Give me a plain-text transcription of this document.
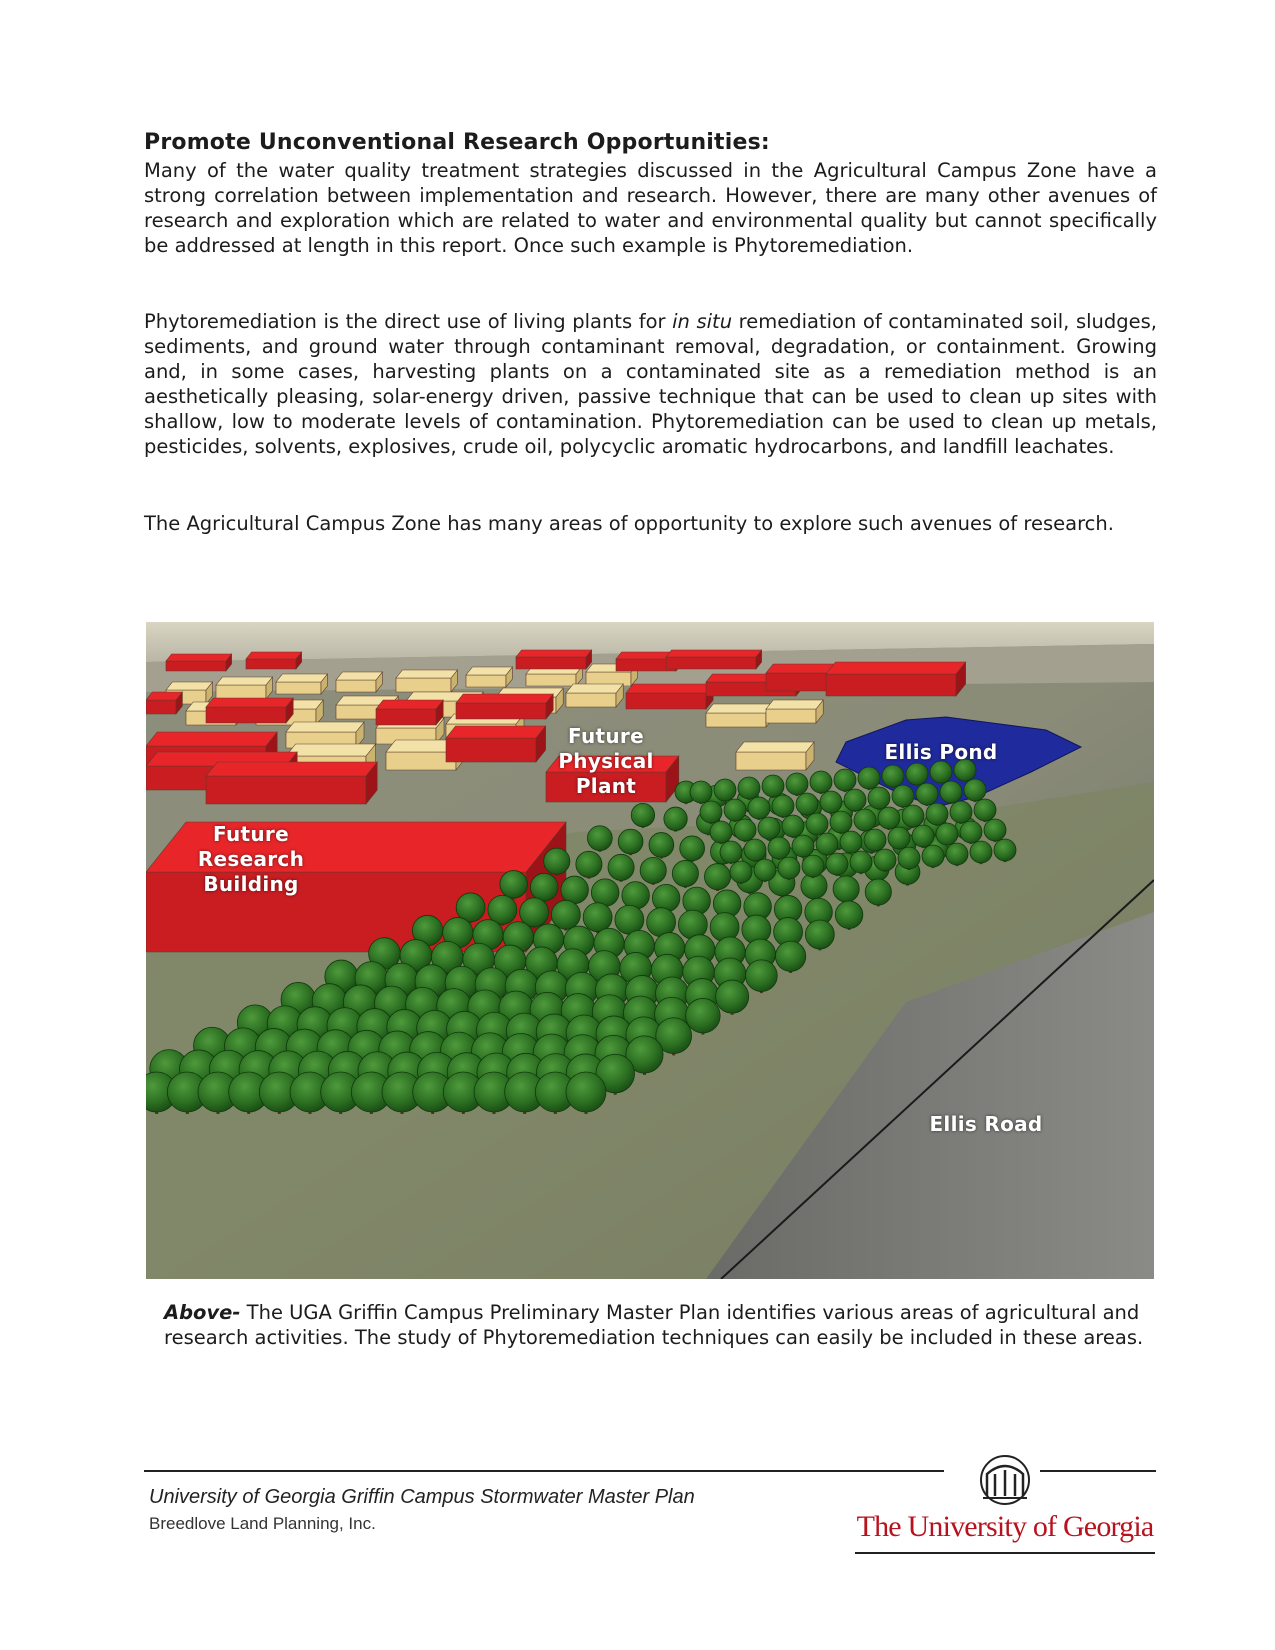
Promote Unconventional Research Opportunities:

Many of the water quality treatment strategies discussed in the Agricultural Campus Zone have a strong correlation between implementation and research. However, there are many other avenues of research and exploration which are related to water and environmental quality but cannot specifically be addressed at length in this report. Once such example is Phytoremediation.

Phytoremediation is the direct use of living plants for in situ remediation of contaminated soil, sludges, sediments, and ground water through contaminant removal, degradation, or containment. Growing and, in some cases, harvesting plants on a contaminated site as a remediation method is an aesthetically pleasing, solar-energy driven, passive technique that can be used to clean up sites with shallow, low to moderate levels of contamination. Phytoremediation can be used to clean up metals, pesticides, solvents, explosives, crude oil, polycyclic aromatic hydrocarbons, and landfill leachates.

The Agricultural Campus Zone has many areas of opportunity to explore such avenues of research.

Future
Physical
Plant
Ellis Pond
Future
Research
Building
Ellis Road

Above- The UGA Griffin Campus Preliminary Master Plan identifies various areas of agricultural and research activities. The study of Phytoremediation techniques can easily be included in these areas.

University of Georgia Griffin Campus Stormwater Master Plan
Breedlove Land Planning, Inc.	The University of Georgia
